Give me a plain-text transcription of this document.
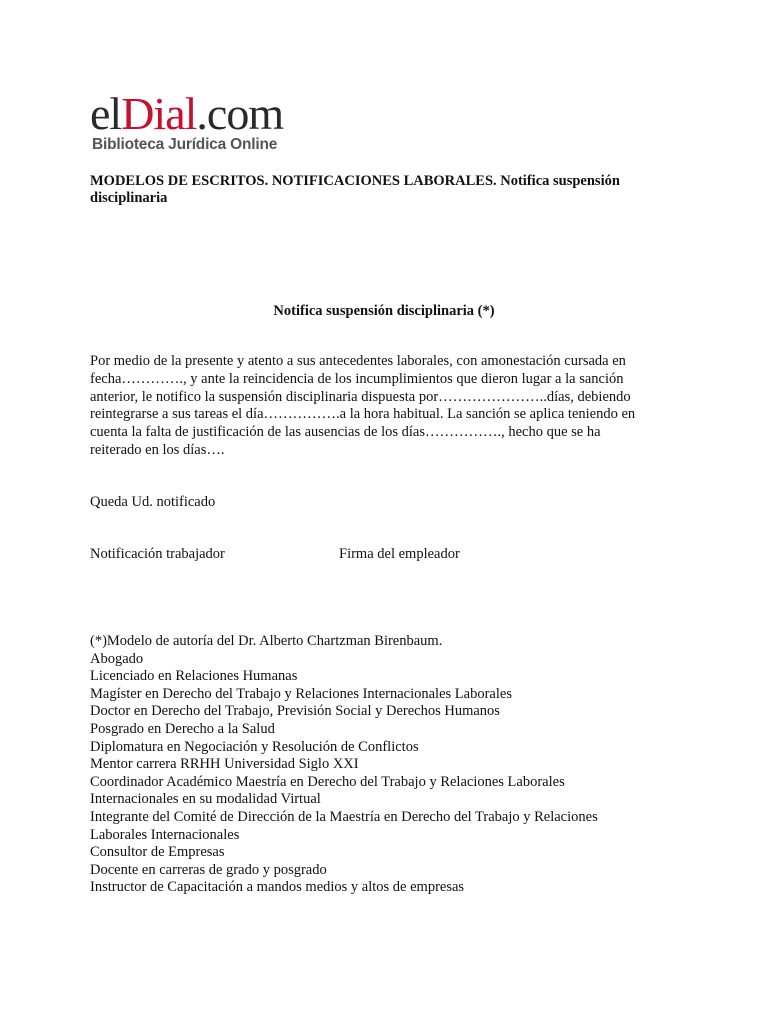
elDial.com
Biblioteca Jurídica Online
MODELOS DE ESCRITOS. NOTIFICACIONES LABORALES. Notifica suspensión disciplinaria
Notifica suspensión disciplinaria (*)
Por medio de la presente y atento a sus antecedentes laborales, con amonestación cursada en
fecha…………., y ante la reincidencia de los incumplimientos que dieron lugar a la sanción
anterior, le notifico la suspensión disciplinaria dispuesta por…………………..días, debiendo
reintegrarse a sus tareas el día…………….a la hora habitual. La sanción se aplica teniendo en
cuenta la falta de justificación de las ausencias de los días……………., hecho que se ha
reiterado en los días….
Queda Ud. notificado
Notificación trabajador	Firma del empleador
(*)Modelo de autoría del Dr. Alberto Chartzman Birenbaum.
Abogado
Licenciado en Relaciones Humanas
Magíster en Derecho del Trabajo y Relaciones Internacionales Laborales
Doctor en Derecho del Trabajo, Previsión Social y Derechos Humanos
Posgrado en Derecho a la Salud
Diplomatura en Negociación y Resolución de Conflictos
Mentor carrera RRHH Universidad Siglo XXI
Coordinador Académico Maestría en Derecho del Trabajo y Relaciones Laborales
Internacionales en su modalidad Virtual
Integrante del Comité de Dirección de la Maestría en Derecho del Trabajo y Relaciones
Laborales Internacionales
Consultor de Empresas
Docente en carreras de grado y posgrado
Instructor de Capacitación a mandos medios y altos de empresas
